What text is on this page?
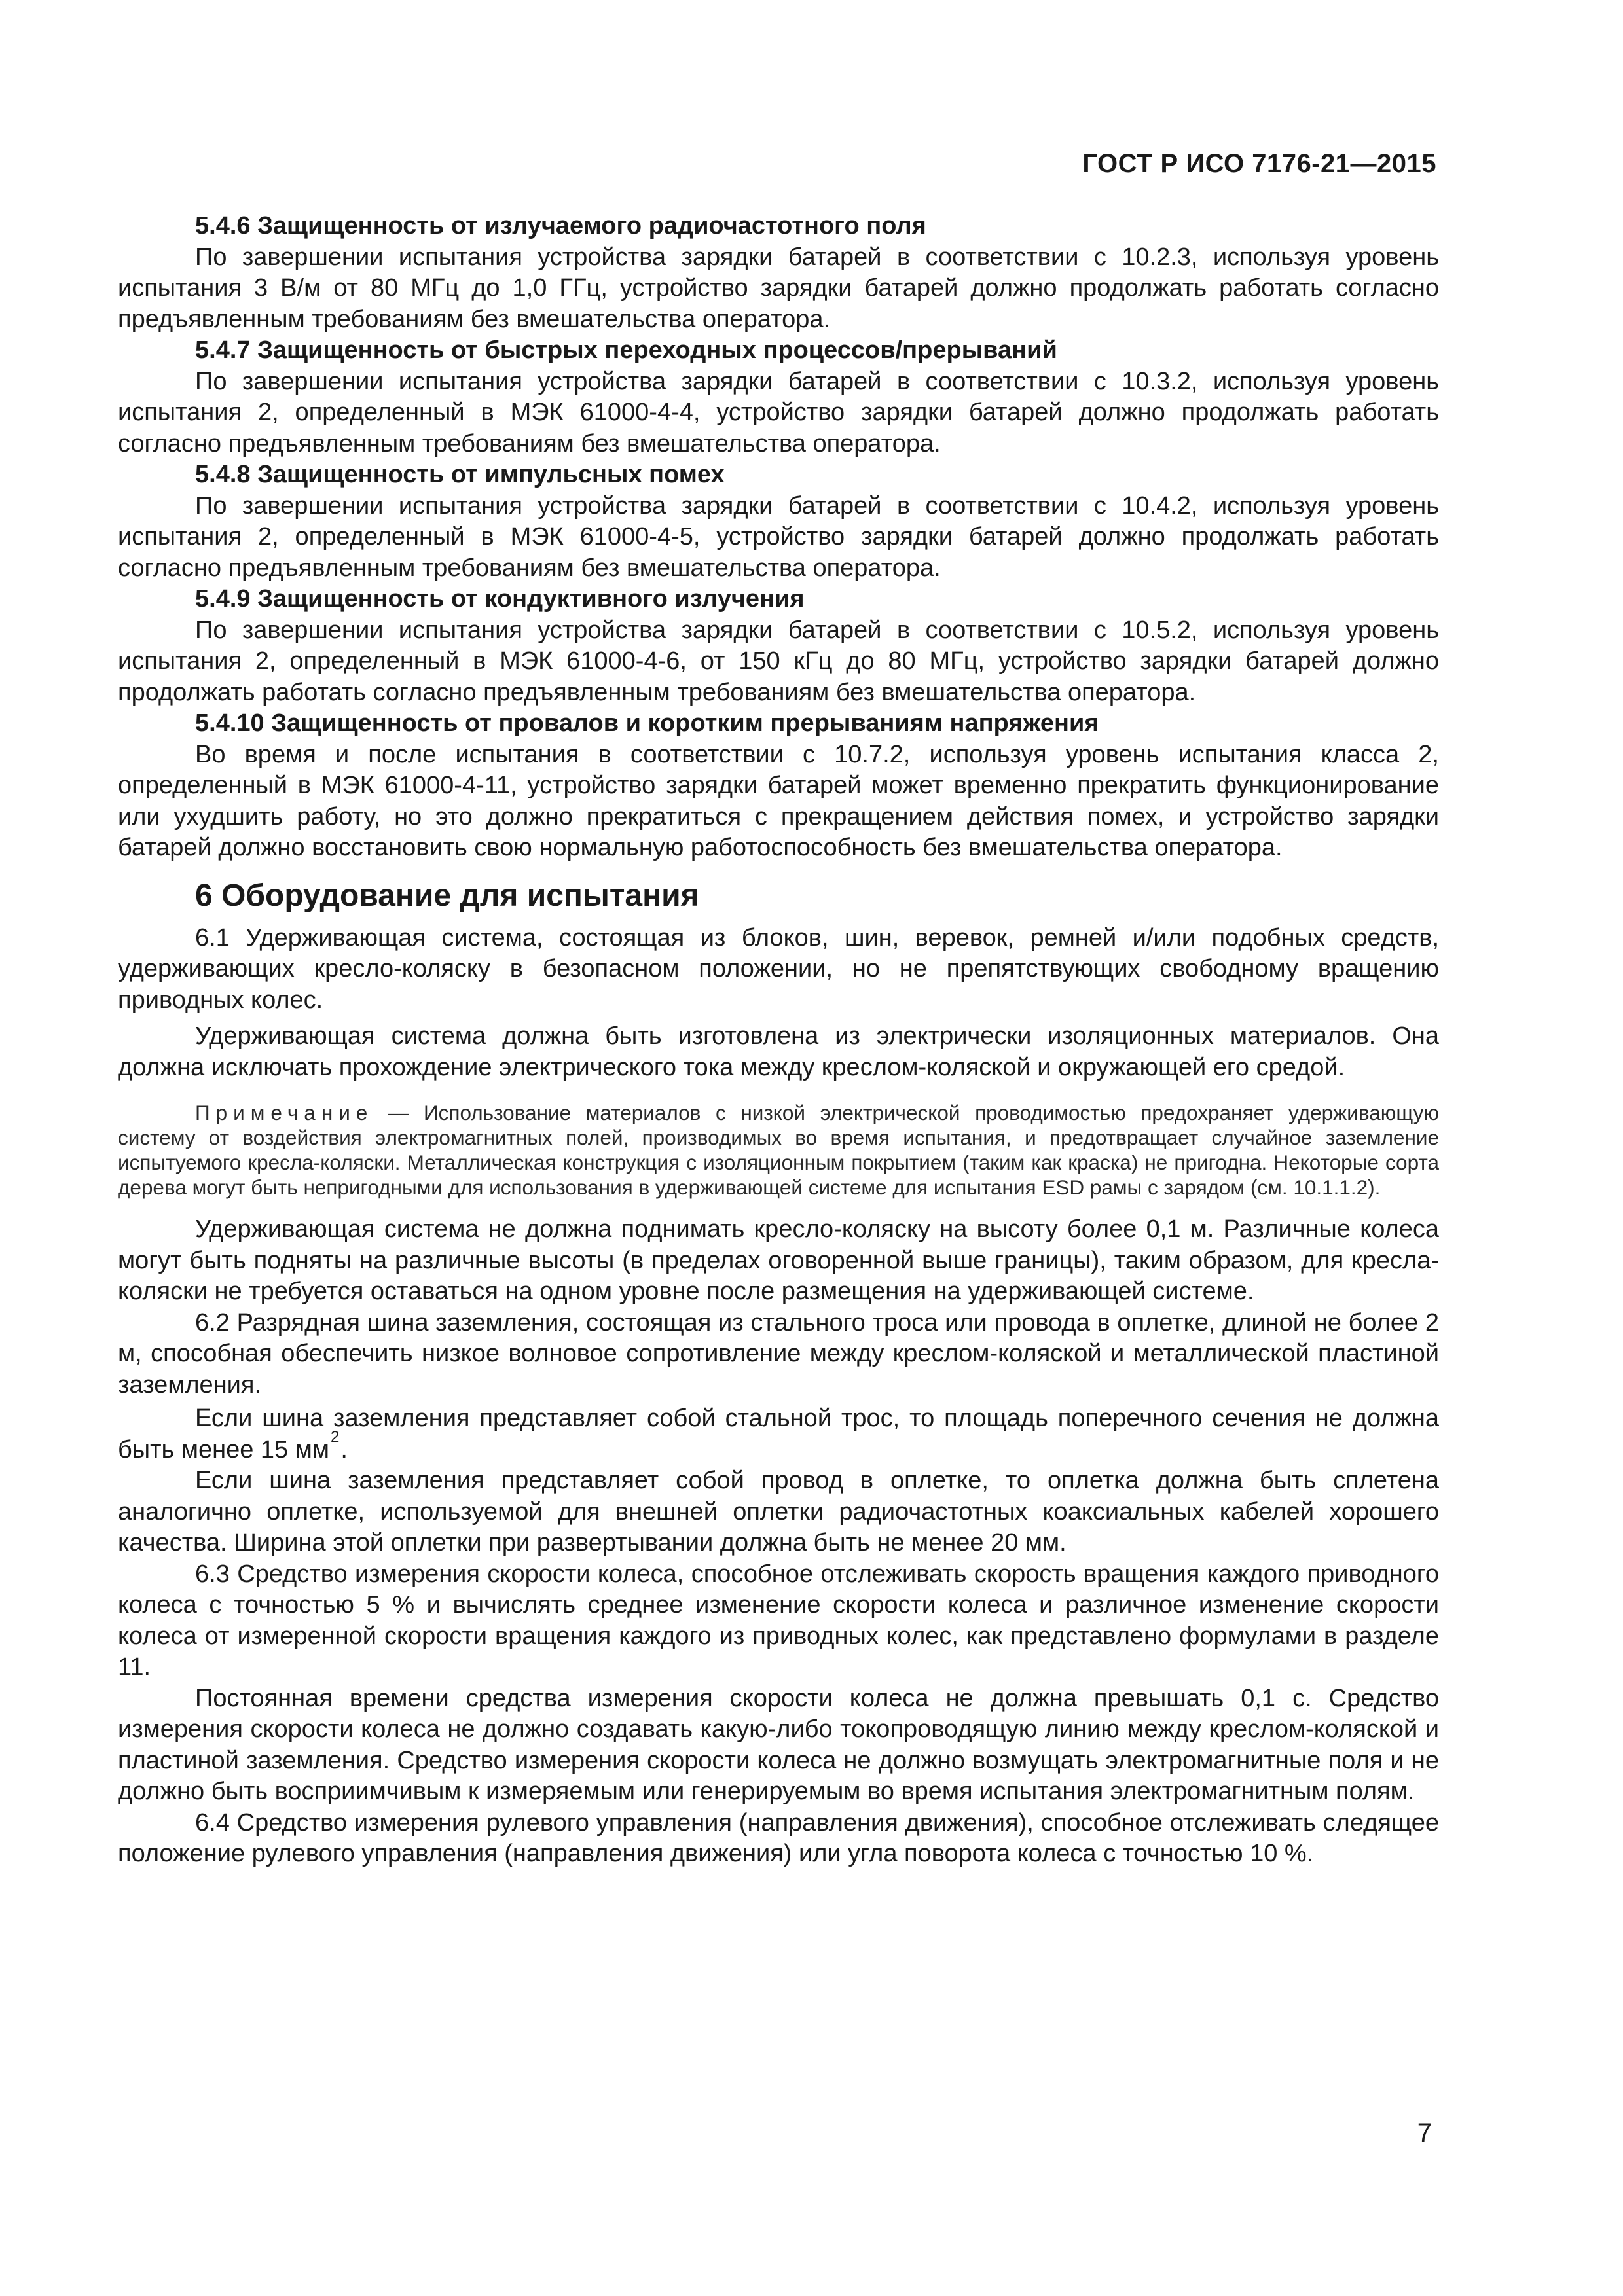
ГОСТ Р ИСО 7176-21—2015

5.4.6 Защищенность от излучаемого радиочастотного поля

По завершении испытания устройства зарядки батарей в соответствии с 10.2.3, используя уровень испытания 3 В/м от 80 МГц до 1,0 ГГц, устройство зарядки батарей должно продолжать работать согласно предъявленным требованиям без вмешательства оператора.

5.4.7 Защищенность от быстрых переходных процессов/прерываний

По завершении испытания устройства зарядки батарей в соответствии с 10.3.2, используя уровень испытания 2, определенный в МЭК 61000-4-4, устройство зарядки батарей должно продолжать работать согласно предъявленным требованиям без вмешательства оператора.

5.4.8 Защищенность от импульсных помех

По завершении испытания устройства зарядки батарей в соответствии с 10.4.2, используя уровень испытания 2, определенный в МЭК 61000-4-5, устройство зарядки батарей должно продолжать работать согласно предъявленным требованиям без вмешательства оператора.

5.4.9 Защищенность от кондуктивного излучения

По завершении испытания устройства зарядки батарей в соответствии с 10.5.2, используя уровень испытания 2, определенный в МЭК 61000-4-6, от 150 кГц до 80 МГц, устройство зарядки батарей должно продолжать работать согласно предъявленным требованиям без вмешательства оператора.

5.4.10 Защищенность от провалов и коротким прерываниям напряжения

Во время и после испытания в соответствии с 10.7.2, используя уровень испытания класса 2, определенный в МЭК 61000-4-11, устройство зарядки батарей может временно прекратить функционирование или ухудшить работу, но это должно прекратиться с прекращением действия помех, и устройство зарядки батарей должно восстановить свою нормальную работоспособность без вмешательства оператора.

6 Оборудование для испытания

6.1 Удерживающая система, состоящая из блоков, шин, веревок, ремней и/или подобных средств, удерживающих кресло-коляску в безопасном положении, но не препятствующих свободному вращению приводных колес.

Удерживающая система должна быть изготовлена из электрически изоляционных материалов. Она должна исключать прохождение электрического тока между креслом-коляской и окружающей его средой.

Примечание — Использование материалов с низкой электрической проводимостью предохраняет удерживающую систему от воздействия электромагнитных полей, производимых во время испытания, и предотвращает случайное заземление испытуемого кресла-коляски. Металлическая конструкция с изоляционным покрытием (таким как краска) не пригодна. Некоторые сорта дерева могут быть непригодными для использования в удерживающей системе для испытания ESD рамы с зарядом (см. 10.1.1.2).

Удерживающая система не должна поднимать кресло-коляску на высоту более 0,1 м. Различные колеса могут быть подняты на различные высоты (в пределах оговоренной выше границы), таким образом, для кресла-коляски не требуется оставаться на одном уровне после размещения на удерживающей системе.

6.2 Разрядная шина заземления, состоящая из стального троса или провода в оплетке, длиной не более 2 м, способная обеспечить низкое волновое сопротивление между креслом-коляской и металлической пластиной заземления.

Если шина заземления представляет собой стальной трос, то площадь поперечного сечения не должна быть менее 15 $мм^2$.

Если шина заземления представляет собой провод в оплетке, то оплетка должна быть сплетена аналогично оплетке, используемой для внешней оплетки радиочастотных коаксиальных кабелей хорошего качества. Ширина этой оплетки при развертывании должна быть не менее 20 мм.

6.3 Средство измерения скорости колеса, способное отслеживать скорость вращения каждого приводного колеса с точностью 5 % и вычислять среднее изменение скорости колеса и различное изменение скорости колеса от измеренной скорости вращения каждого из приводных колес, как представлено формулами в разделе 11.

Постоянная времени средства измерения скорости колеса не должна превышать 0,1 с. Средство измерения скорости колеса не должно создавать какую-либо токопроводящую линию между креслом-коляской и пластиной заземления. Средство измерения скорости колеса не должно возмущать электромагнитные поля и не должно быть восприимчивым к измеряемым или генерируемым во время испытания электромагнитным полям.

6.4 Средство измерения рулевого управления (направления движения), способное отслеживать следящее положение рулевого управления (направления движения) или угла поворота колеса с точностью 10 %.

7
